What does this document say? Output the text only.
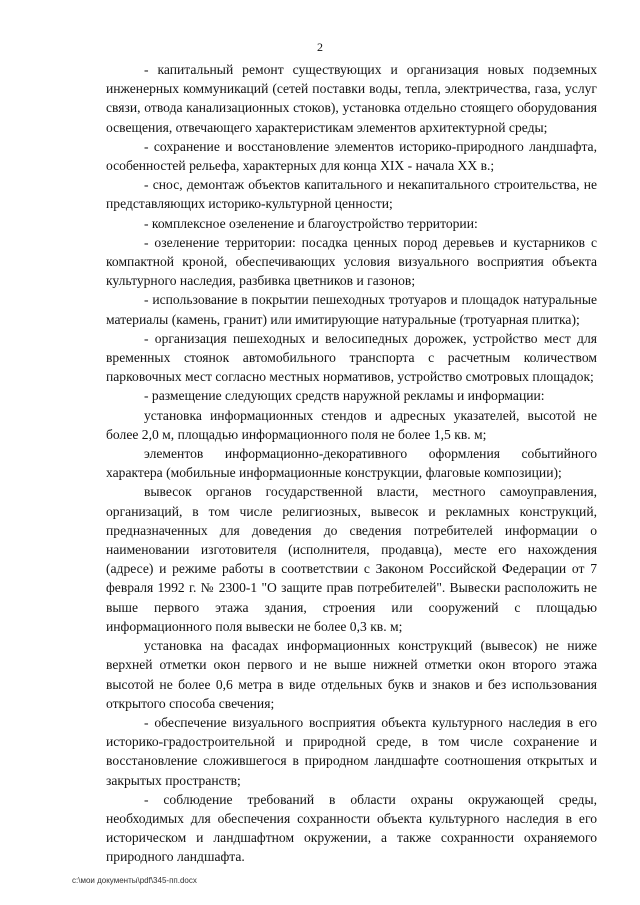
2

- капитальный ремонт существующих и организация новых подземных инженерных коммуникаций (сетей поставки воды, тепла, электричества, газа, услуг связи, отвода канализационных стоков), установка отдельно стоящего оборудования освещения, отвечающего характеристикам элементов архитектурной среды;

- сохранение и восстановление элементов историко-природного ландшафта, особенностей рельефа, характерных для конца XIX - начала XX в.;

- снос, демонтаж объектов капитального и некапитального строительства, не представляющих историко-культурной ценности;

- комплексное озеленение и благоустройство территории:

- озеленение территории: посадка ценных пород деревьев и кустарников с компактной кроной, обеспечивающих условия визуального восприятия объекта культурного наследия, разбивка цветников и газонов;

- использование в покрытии пешеходных тротуаров и площадок натуральные материалы (камень, гранит) или имитирующие натуральные (тротуарная плитка);

- организация пешеходных и велосипедных дорожек, устройство мест для временных стоянок автомобильного транспорта с расчетным количеством парковочных мест согласно местных нормативов, устройство смотровых площадок;

- размещение следующих средств наружной рекламы и информации:

установка информационных стендов и адресных указателей, высотой не более 2,0 м, площадью информационного поля не более 1,5 кв. м;

элементов информационно-декоративного оформления событийного характера (мобильные информационные конструкции, флаговые композиции);

вывесок органов государственной власти, местного самоуправления, организаций, в том числе религиозных, вывесок и рекламных конструкций, предназначенных для доведения до сведения потребителей информации о наименовании изготовителя (исполнителя, продавца), месте его нахождения (адресе) и режиме работы в соответствии с Законом Российской Федерации от 7 февраля 1992 г. № 2300-1 "О защите прав потребителей". Вывески расположить не выше первого этажа здания, строения или сооружений с площадью информационного поля вывески не более 0,3 кв. м;

установка на фасадах информационных конструкций (вывесок) не ниже верхней отметки окон первого и не выше нижней отметки окон второго этажа высотой не более 0,6 метра в виде отдельных букв и знаков и без использования открытого способа свечения;

- обеспечение визуального восприятия объекта культурного наследия в его историко-градостроительной и природной среде, в том числе сохранение и восстановление сложившегося в природном ландшафте соотношения открытых и закрытых пространств;

- соблюдение требований в области охраны окружающей среды, необходимых для обеспечения сохранности объекта культурного наследия в его историческом и ландшафтном окружении, а также сохранности охраняемого природного ландшафта.

c:\мои документы\pdf\345-пп.docx
